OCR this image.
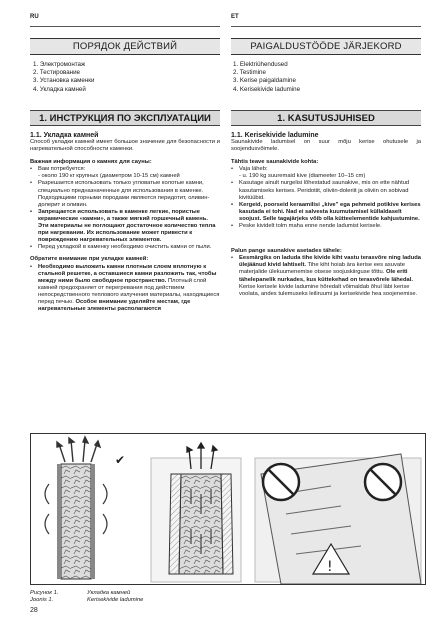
RU	ET
ПОРЯДОК ДЕЙСТВИЙ	PAIGALDUSTÖÖDE JÄRJEKORD
1. Электромонтаж
2. Тестирование
3. Установка каменки
4. Укладка камней
1. Elektriühendused
2. Testimine
3. Kerise paigaldamine
4. Kerisekivide ladumine
1. ИНСТРУКЦИЯ ПО ЭКСПЛУАТАЦИИ	1. KASUTUSJUHISED
1.1. Укладка камней
Способ укладки камней имеет большое значение для безопасности и нагревательной способности каменки.
Важная информация о камнях для сауны:
• Вам потребуется:
- около 190 кг крупных (диаметром 10-15 см) камней
• Разрешается использовать только угловатые колотые камни, специально предназначенные для использования в каменке. Подходящими горными породами являются перидотит, оливин-долерит и оливин.
• Запрещается использовать в каменке легкие, пористые керамические «камни», а также мягкий горшечный камень. Эти материалы не поглощают достаточное количество тепла при нагревании. Их использование может привести к повреждению нагревательных элементов.
• Перед укладкой в каменку необходимо очистить камни от пыли.
Обратите внимание при укладке камней:
• Необходимо выложить камни плотным слоем вплотную к стальной решетке, а оставшиеся камни разложить так, чтобы между ними было свободное пространство. Плотный слой камней предохраняет от перегревания под действием непосредственного теплового излучения материалы, находящиеся перед печью. Особое внимание уделяйте местам, где нагревательные элементы располагаются
1.1. Kerisekivide ladumine
Saunakivide ladumisel on suur mõju kerise ohutusele ja soojendusvõimele.
Tähtis teave saunakivide kohta:
• Vaja läheb:
- u. 190 kg suuremaid kive (diameeter 10–15 cm)
• Kasutage ainult nurgelisi lõhestatud saunakive, mis on ette nähtud kasutamiseks kerises. Peridotiit, oliviin-doleriit ja oliviin on sobivad kivitüübid.
• Kergeid, poorseid keraamilisi „kive" ega pehmeid potikive kerises kasutada ei tohi. Nad ei salvesta kuumutamisel küllaldaselt soojust. Selle tagajärjeks võib olla kütteelementide kahjustumine.
• Peske kividelt tolm maha enne nende ladumist kerisele.
Palun pange saunakive asetades tähele:
• Eesmärgiks on laduda tihe kivide kiht vastu terasvõre ning laduda ülejäänud kivid lahtiselt. Tihe kiht hoiab ära kerise ees asuvate materjalide ülekuumenemise otsese soojuskiirguse tõttu. Ole eriti tähelepanelik nurkades, kus küttekehad on terasvõrele lähedal. Kerise kerisele kivide ladumine hõredalt võimaldab õhul läbi kerise voolata, andes tulemuseks leiliruumi ja kerisekivide hea soojenemise.
✔
!
Рисунок 1.
Joonis 1.
Укладка камней
Kerisekivide ladumine
28
